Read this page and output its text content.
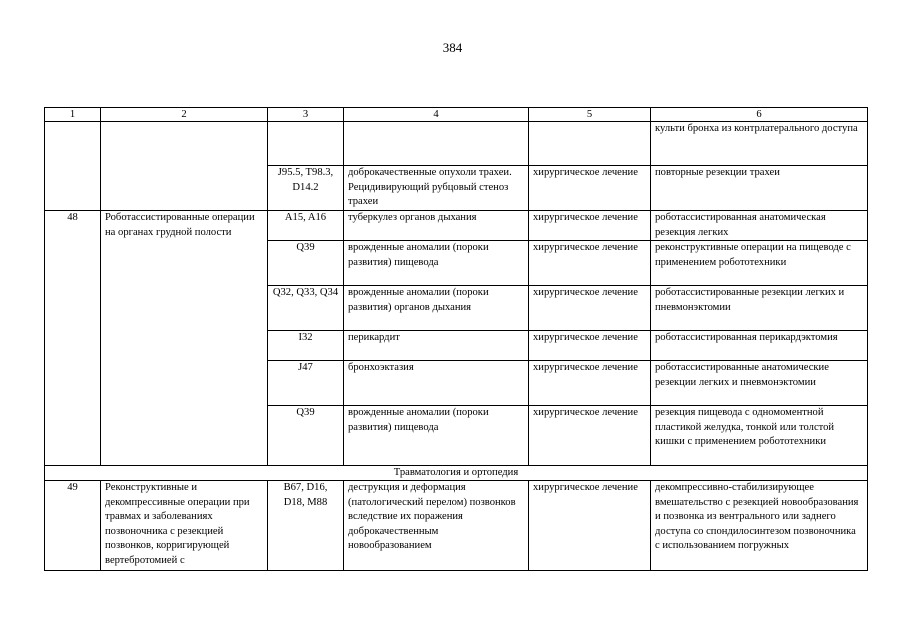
384
1	2	3	4	5	6
					культи бронха из контрлатерального доступа
		J95.5, T98.3, D14.2	доброкачественные опухоли трахеи. Рецидивирующий рубцовый стеноз трахеи	хирургическое лечение	повторные резекции трахеи
48	Роботассистированные операции на органах грудной полости	A15, A16	туберкулез органов дыхания	хирургическое лечение	роботассистированная анатомическая резекция легких
		Q39	врожденные аномалии (пороки развития) пищевода	хирургическое лечение	реконструктивные операции на пищеводе с применением робототехники
		Q32, Q33, Q34	врожденные аномалии (пороки развития) органов дыхания	хирургическое лечение	роботассистированные резекции легких и пневмонэктомии
		I32	перикардит	хирургическое лечение	роботассистированная перикардэктомия
		J47	бронхоэктазия	хирургическое лечение	роботассистированные анатомические резекции легких и пневмонэктомии
		Q39	врожденные аномалии (пороки развития) пищевода	хирургическое лечение	резекция пищевода с одномоментной пластикой желудка, тонкой или толстой кишки с применением робототехники
Травматология и ортопедия					
49	Реконструктивные и декомпрессивные операции при травмах и заболеваниях позвоночника с резекцией позвонков, корригирующей вертебротомией с	B67, D16, D18, M88	деструкция и деформация (патологический перелом) позвонков вследствие их поражения доброкачественным новообразованием	хирургическое лечение	декомпрессивно-стабилизирующее вмешательство с резекцией новообразования и позвонка из вентрального или заднего доступа со спондилосинтезом позвоночника с использованием погружных
